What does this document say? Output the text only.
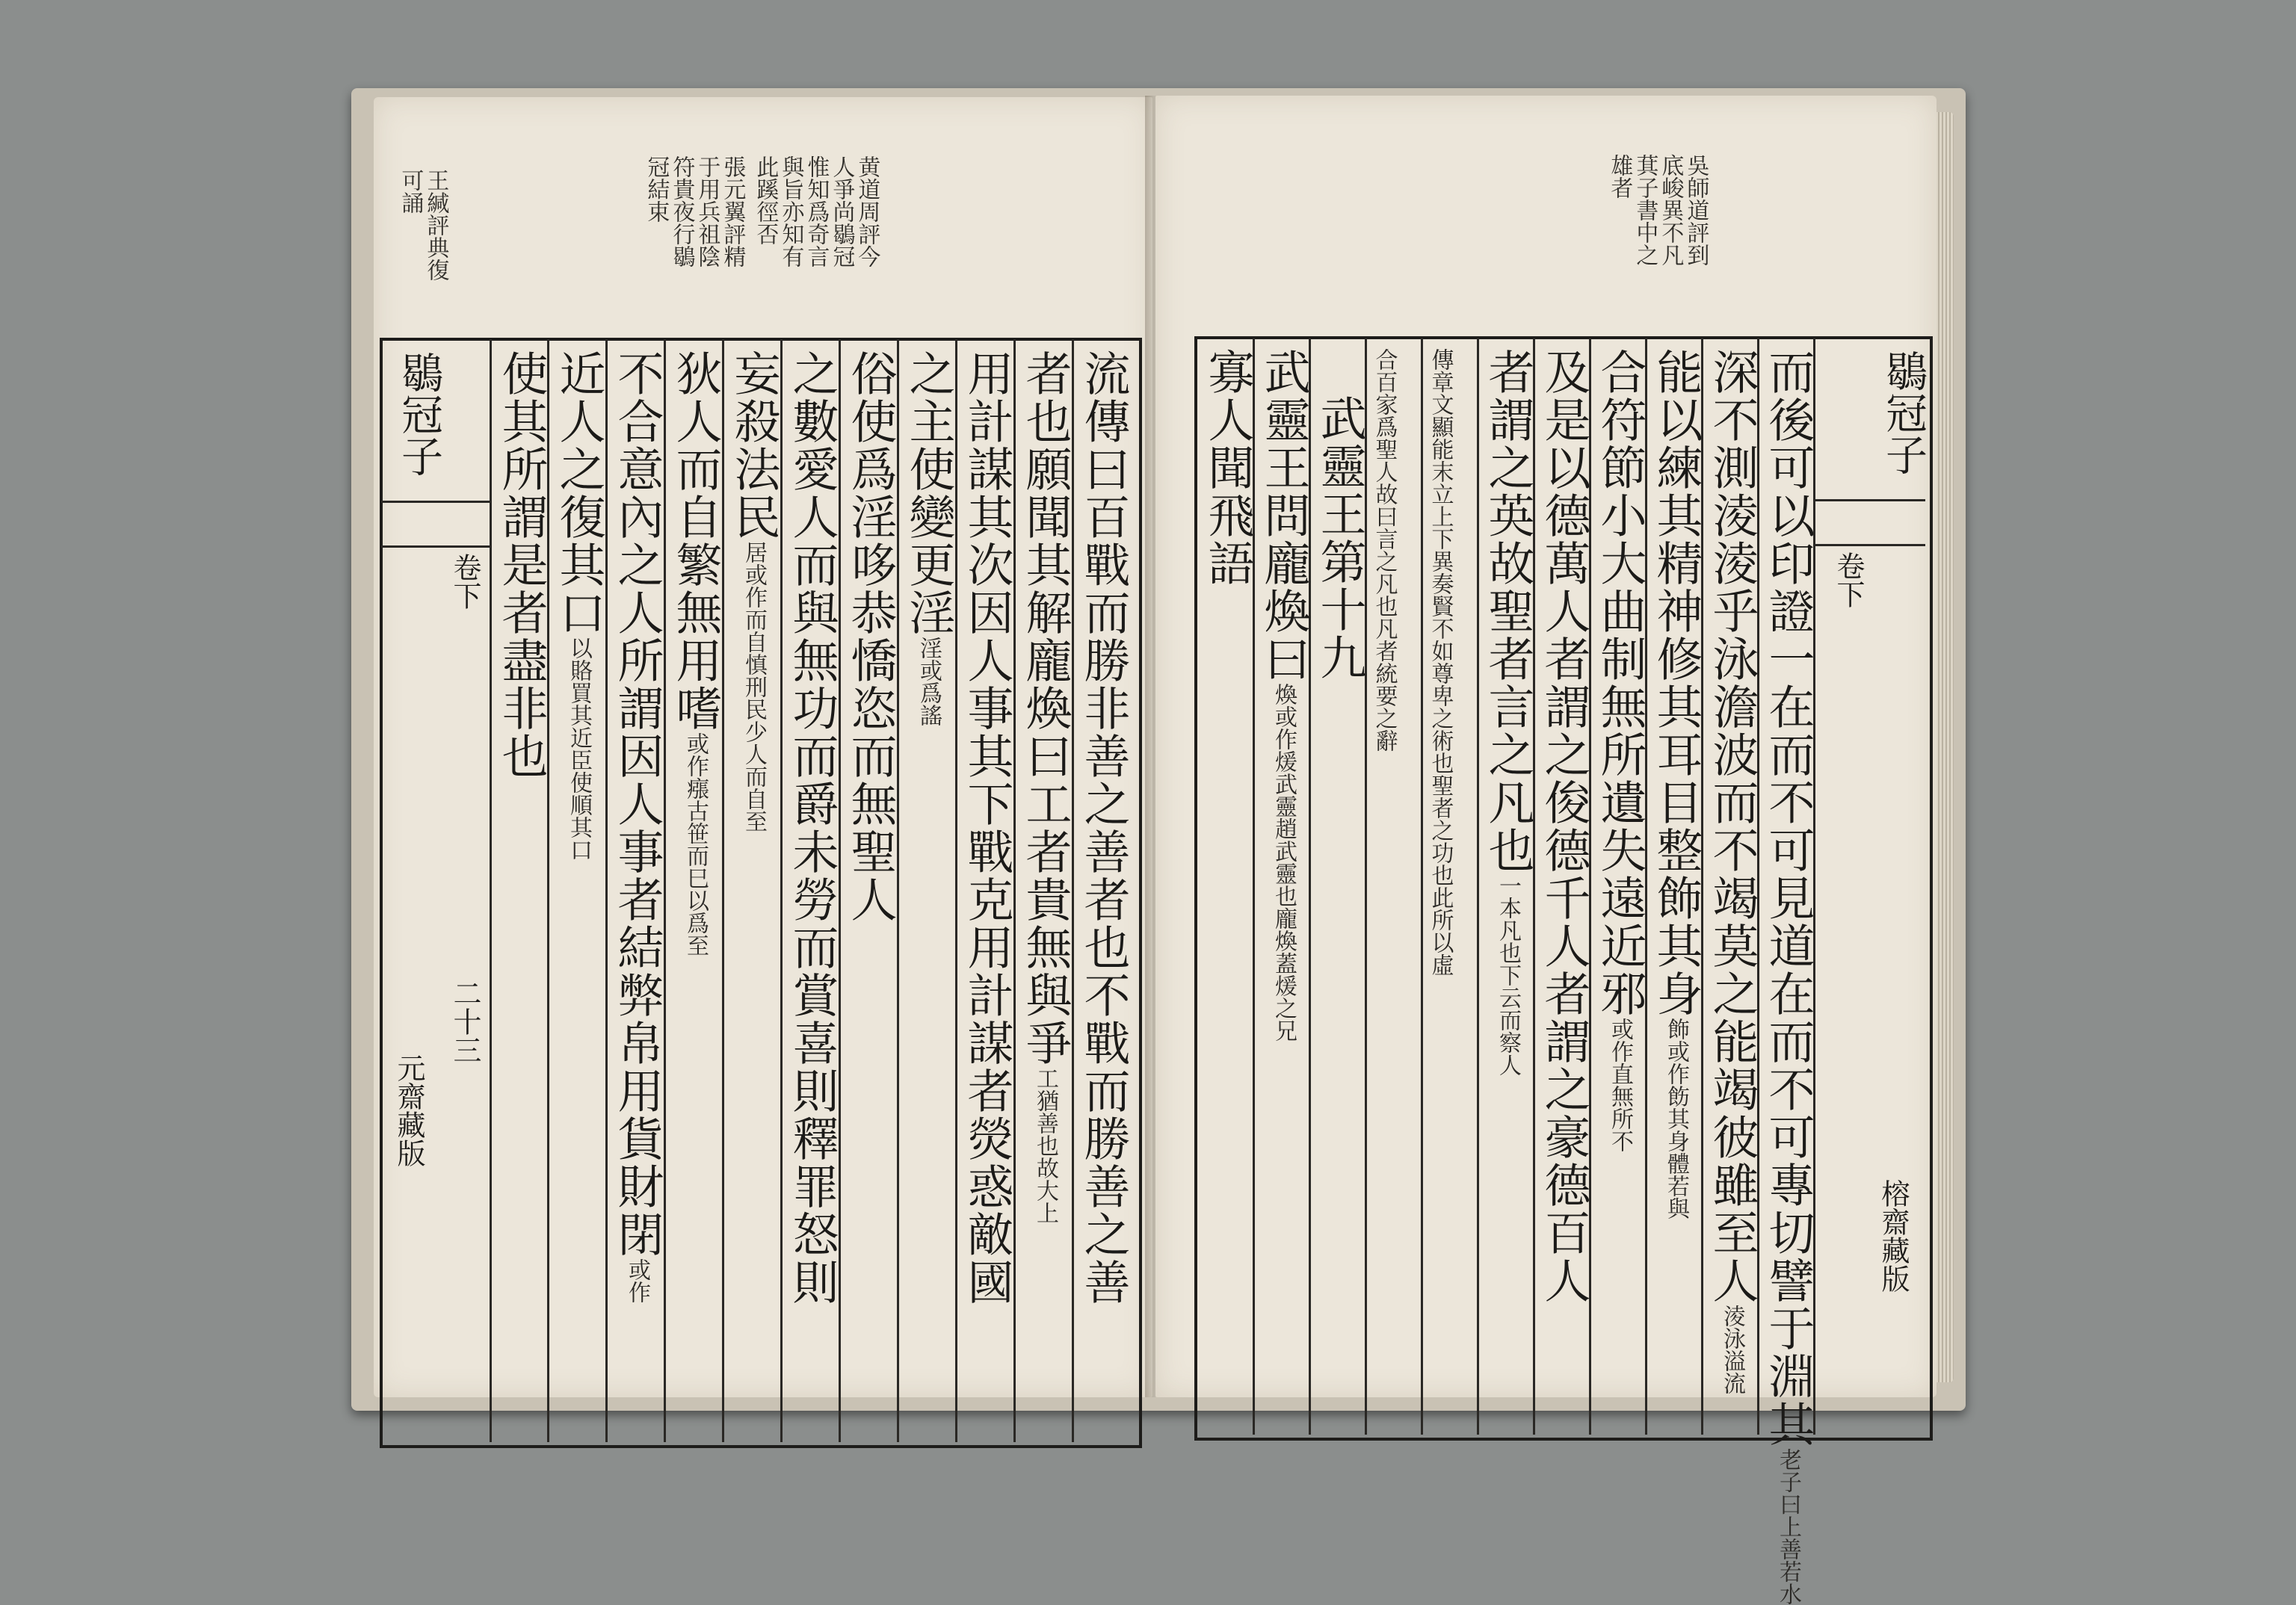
黄道周評今
人爭尚鶡冠
惟知爲奇言
與旨亦知有
此蹊徑否
張元翼評精
于用兵祖陰
符貴夜行鶡
冠結束
王緘評典復
可誦
鶡冠子
卷下
二十三
元齋藏版	流傳曰百戰而勝非善之善者也不戰而勝善之善
者也願聞其解龐煥曰工者貴無與爭工猶善也故大上
用計謀其次因人事其下戰克用計謀者熒惑敵國
之主使變更淫淫或爲謠
俗使爲淫哆恭憍恣而無聖人
之數愛人而與無功而爵未勞而賞喜則釋罪怒則
妄殺法民居或作而自慎刑民少人而自至
狄人而自繁無用嗜或作瘬古笹而巳以爲至
不合意內之人所謂因人事者結弊帛用貨財閉或作
近人之復其口以賂買其近臣使順其口
使其所謂是者盡非也
吳師道評到
底峻異不凡
萁子書中之
雄者
鶡冠子
卷下
榕齋藏版
而後可以印證一在而不可見道在而不可專切譬于淵其老子曰上善若水
深不測淩淩乎泳澹波而不竭莫之能竭彼雖至人淩泳溢流
能以練其精神修其耳目整飾其身飾或作飭其身體若與
合符節小大曲制無所遺失遠近邪或作直無所不
及是以德萬人者謂之俊德千人者謂之豪德百人
者謂之英故聖者言之凡也一本凡也下云而察人
傳章文顯能末立上下異奏賢不如尊卑之術也聖者之功也此所以虛
合百家爲聖人故曰言之凡也凡者統要之辭
武靈王第十九
武靈王問龐煥曰煥或作煖武靈趙武靈也龐煥蓋煖之兄
寡人聞飛語
